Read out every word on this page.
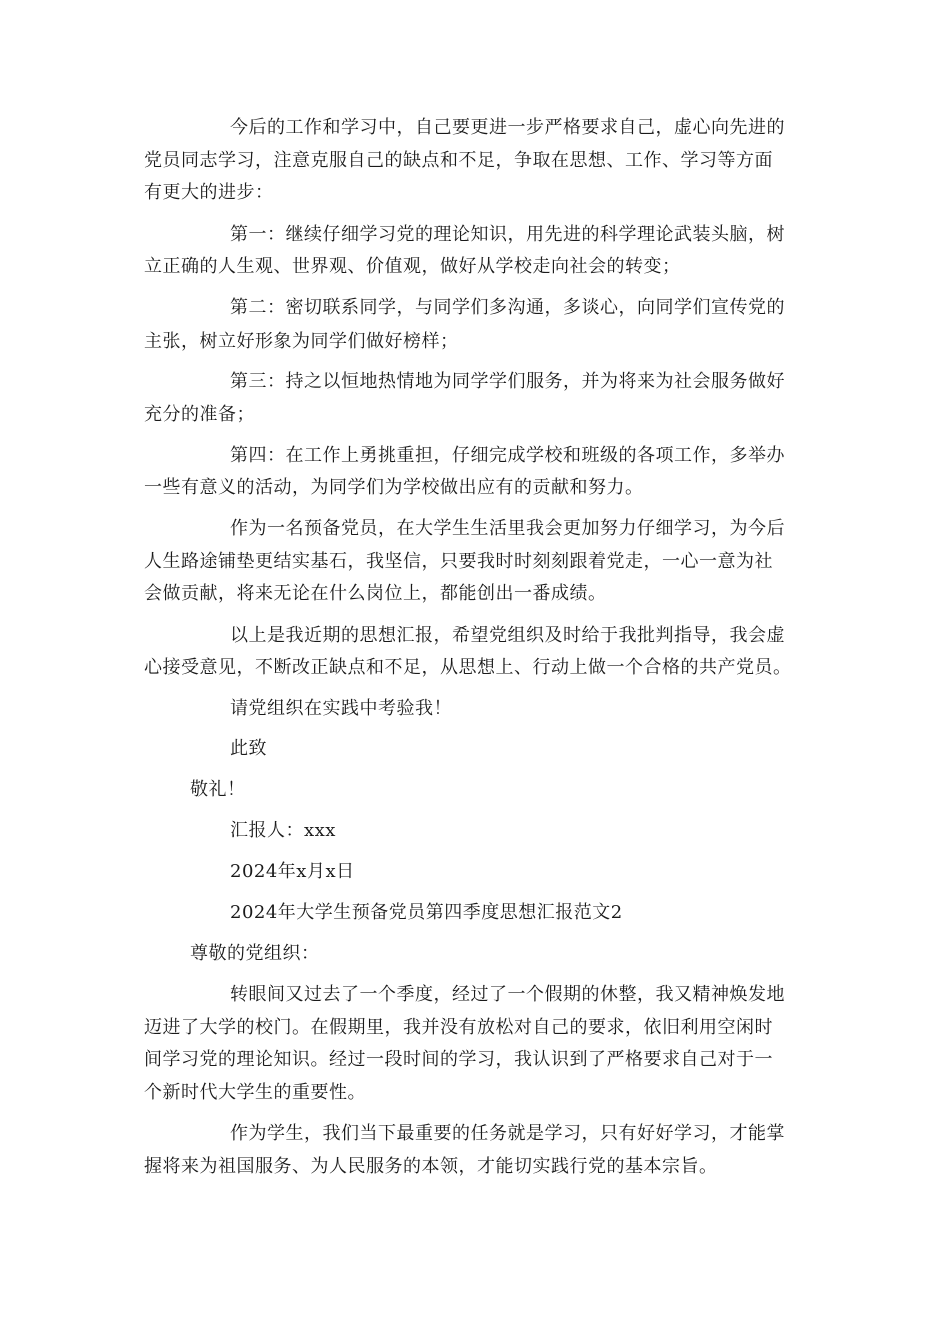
今后的工作和学习中，自己要更进一步严格要求自己，虚心向先进的
党员同志学习，注意克服自己的缺点和不足，争取在思想、工作、学习等方面
有更大的进步：
第一：继续仔细学习党的理论知识，用先进的科学理论武装头脑，树
立正确的人生观、世界观、价值观，做好从学校走向社会的转变；
第二：密切联系同学，与同学们多沟通，多谈心，向同学们宣传党的
主张，树立好形象为同学们做好榜样；
第三：持之以恒地热情地为同学学们服务，并为将来为社会服务做好
充分的准备；
第四：在工作上勇挑重担，仔细完成学校和班级的各项工作，多举办
一些有意义的活动，为同学们为学校做出应有的贡献和努力。
作为一名预备党员，在大学生生活里我会更加努力仔细学习，为今后
人生路途铺垫更结实基石，我坚信，只要我时时刻刻跟着党走，一心一意为社
会做贡献，将来无论在什么岗位上，都能创出一番成绩。
以上是我近期的思想汇报，希望党组织及时给于我批判指导，我会虚
心接受意见，不断改正缺点和不足，从思想上、行动上做一个合格的共产党员。
请党组织在实践中考验我！
此致
敬礼！
汇报人：xxx
2024年x月x日
2024年大学生预备党员第四季度思想汇报范文2
尊敬的党组织：
转眼间又过去了一个季度，经过了一个假期的休整，我又精神焕发地
迈进了大学的校门。在假期里，我并没有放松对自己的要求，依旧利用空闲时
间学习党的理论知识。经过一段时间的学习，我认识到了严格要求自己对于一
个新时代大学生的重要性。
作为学生，我们当下最重要的任务就是学习，只有好好学习，才能掌
握将来为祖国服务、为人民服务的本领，才能切实践行党的基本宗旨。
